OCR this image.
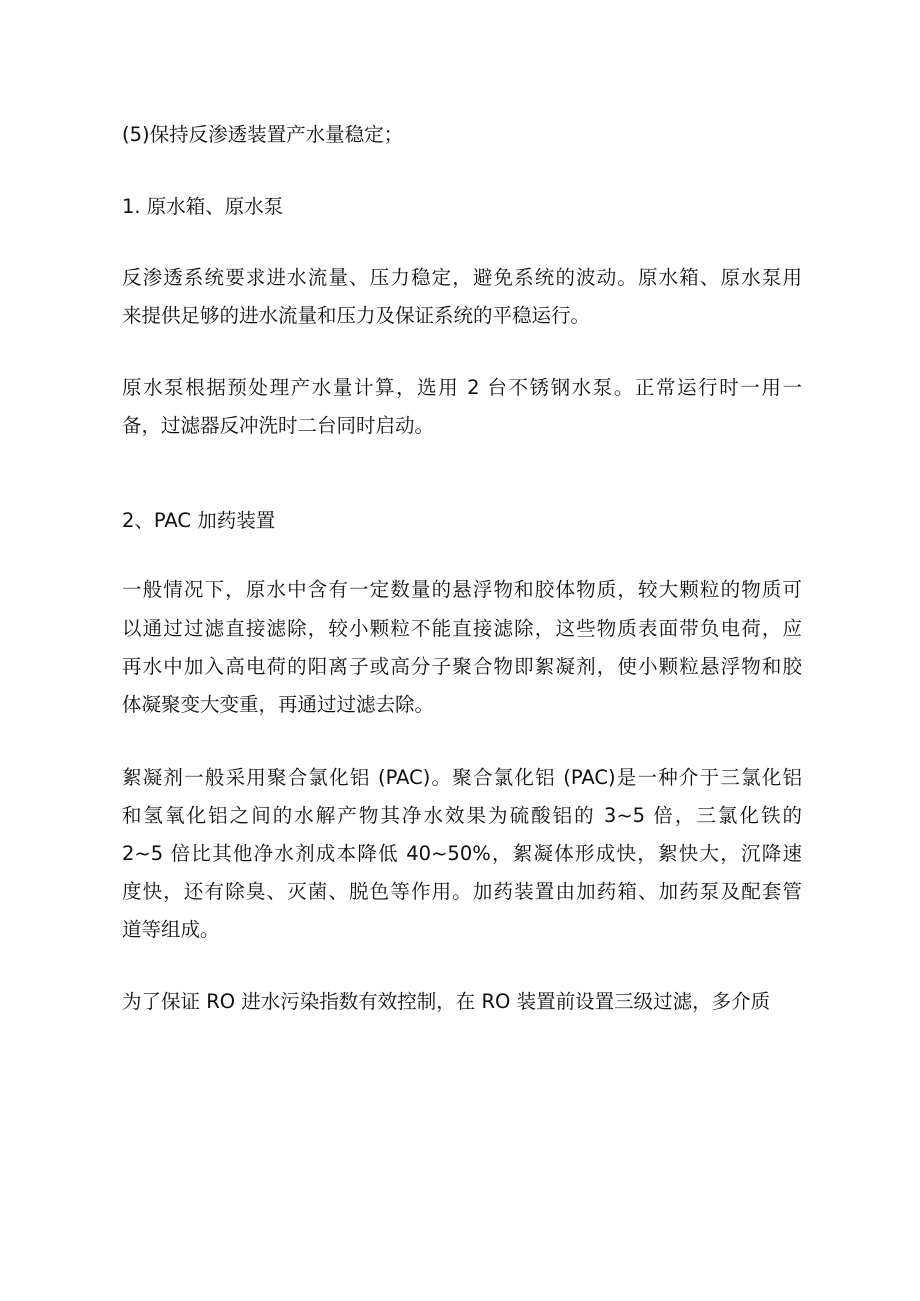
(5)保持反渗透装置产水量稳定；
1. 原水箱、原水泵
反渗透系统要求进水流量、压力稳定，避免系统的波动。原水箱、原水泵用
来提供足够的进水流量和压力及保证系统的平稳运行。
原水泵根据预处理产水量计算，选用 2 台不锈钢水泵。正常运行时一用一
备，过滤器反冲洗时二台同时启动。
2、PAC 加药装置
一般情况下，原水中含有一定数量的悬浮物和胶体物质，较大颗粒的物质可
以通过过滤直接滤除，较小颗粒不能直接滤除，这些物质表面带负电荷，应
再水中加入高电荷的阳离子或高分子聚合物即絮凝剂，使小颗粒悬浮物和胶
体凝聚变大变重，再通过过滤去除。
絮凝剂一般采用聚合氯化铝 (PAC)。聚合氯化铝 (PAC)是一种介于三氯化铝
和氢氧化铝之间的水解产物其净水效果为硫酸铝的 3~5 倍，三氯化铁的
2~5 倍比其他净水剂成本降低 40~50%，絮凝体形成快，絮快大，沉降速
度快，还有除臭、灭菌、脱色等作用。加药装置由加药箱、加药泵及配套管
道等组成。
为了保证 RO 进水污染指数有效控制，在 RO 装置前设置三级过滤，多介质
